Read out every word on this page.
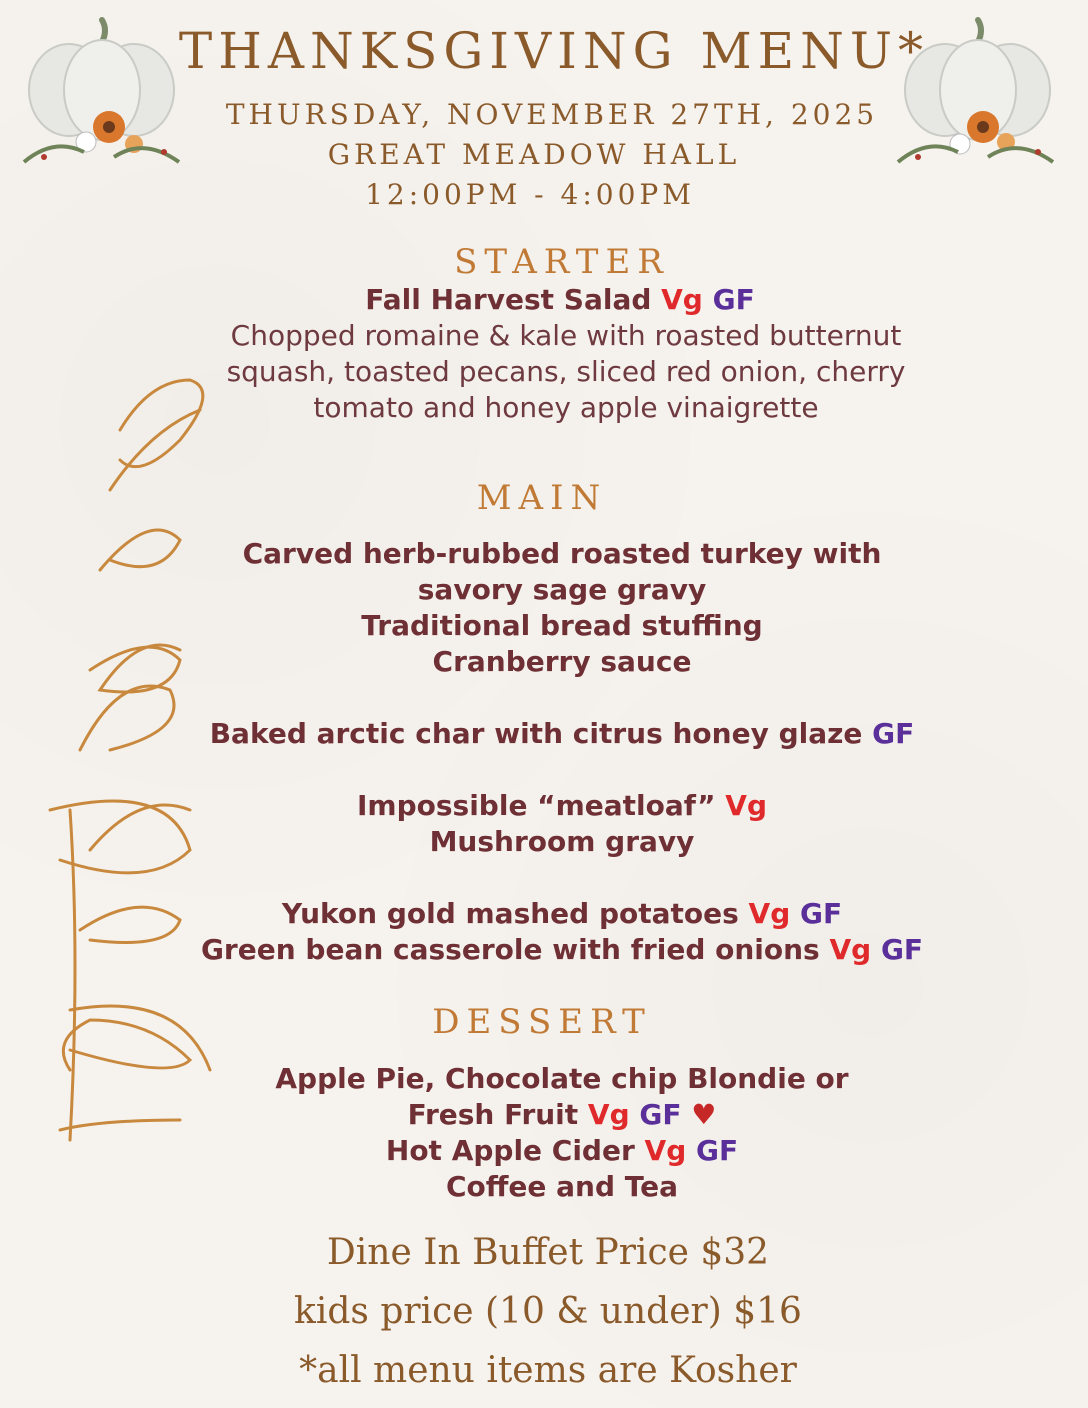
THANKSGIVING MENU*
THURSDAY, NOVEMBER 27TH, 2025
GREAT MEADOW HALL
12:00PM - 4:00PM
STARTER
Fall Harvest Salad Vg GF
Chopped romaine & kale with roasted butternut
squash, toasted pecans, sliced red onion, cherry
tomato and honey apple vinaigrette
MAIN
Carved herb-rubbed roasted turkey with
savory sage gravy
Traditional bread stuffing
Cranberry sauce
Baked arctic char with citrus honey glaze GF
Impossible “meatloaf” Vg
Mushroom gravy
Yukon gold mashed potatoes Vg GF
Green bean casserole with fried onions Vg GF
DESSERT
Apple Pie, Chocolate chip Blondie or
Fresh Fruit Vg GF ♥
Hot Apple Cider Vg GF
Coffee and Tea
Dine In Buffet Price $32
kids price (10 & under) $16
*all menu items are Kosher
